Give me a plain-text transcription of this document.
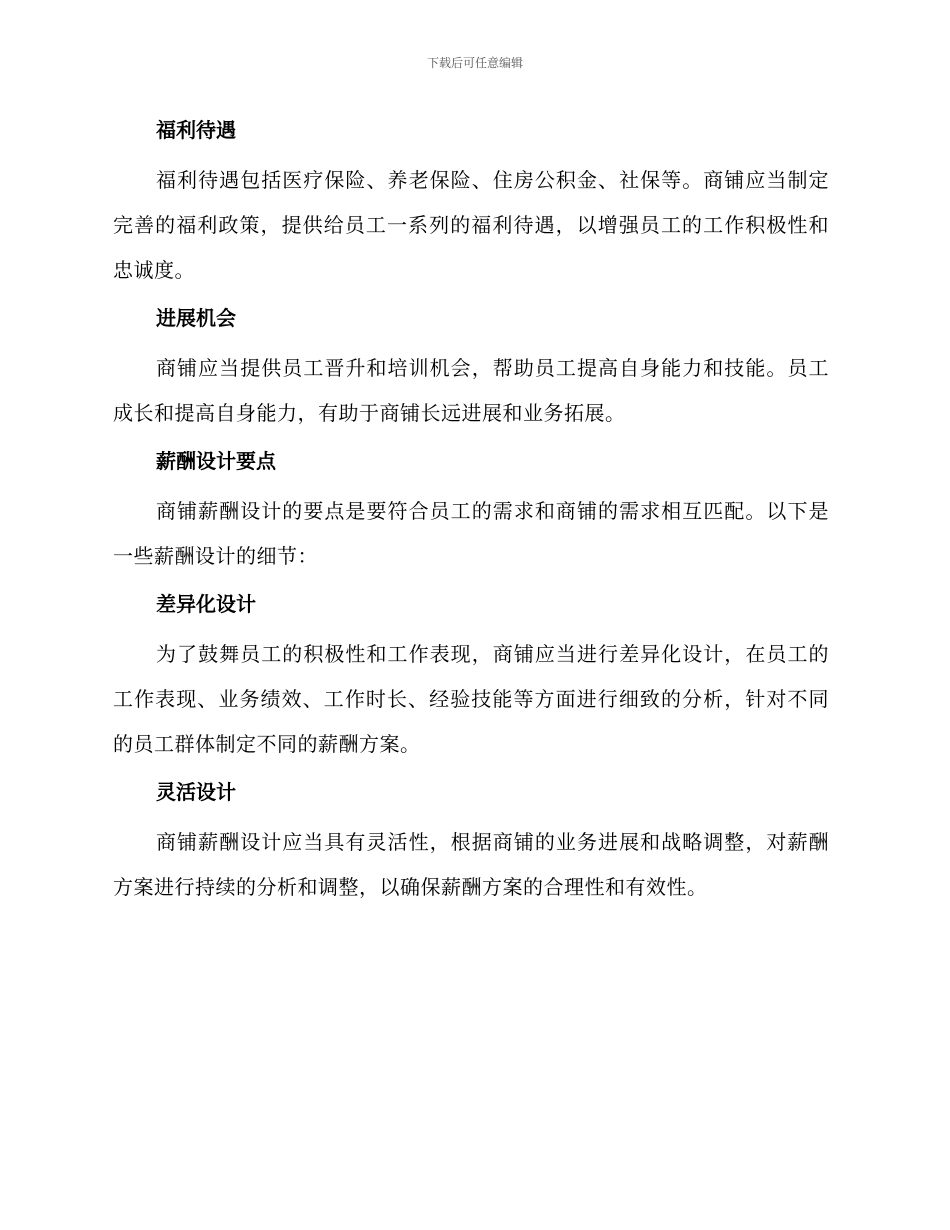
下载后可任意编辑
福利待遇

福利待遇包括医疗保险、养老保险、住房公积金、社保等。商铺应当制定完善的福利政策，提供给员工一系列的福利待遇，以增强员工的工作积极性和忠诚度。

进展机会

商铺应当提供员工晋升和培训机会，帮助员工提高自身能力和技能。员工成长和提高自身能力，有助于商铺长远进展和业务拓展。

薪酬设计要点

商铺薪酬设计的要点是要符合员工的需求和商铺的需求相互匹配。以下是一些薪酬设计的细节：

差异化设计

为了鼓舞员工的积极性和工作表现，商铺应当进行差异化设计，在员工的工作表现、业务绩效、工作时长、经验技能等方面进行细致的分析，针对不同的员工群体制定不同的薪酬方案。

灵活设计

商铺薪酬设计应当具有灵活性，根据商铺的业务进展和战略调整，对薪酬方案进行持续的分析和调整，以确保薪酬方案的合理性和有效性。
